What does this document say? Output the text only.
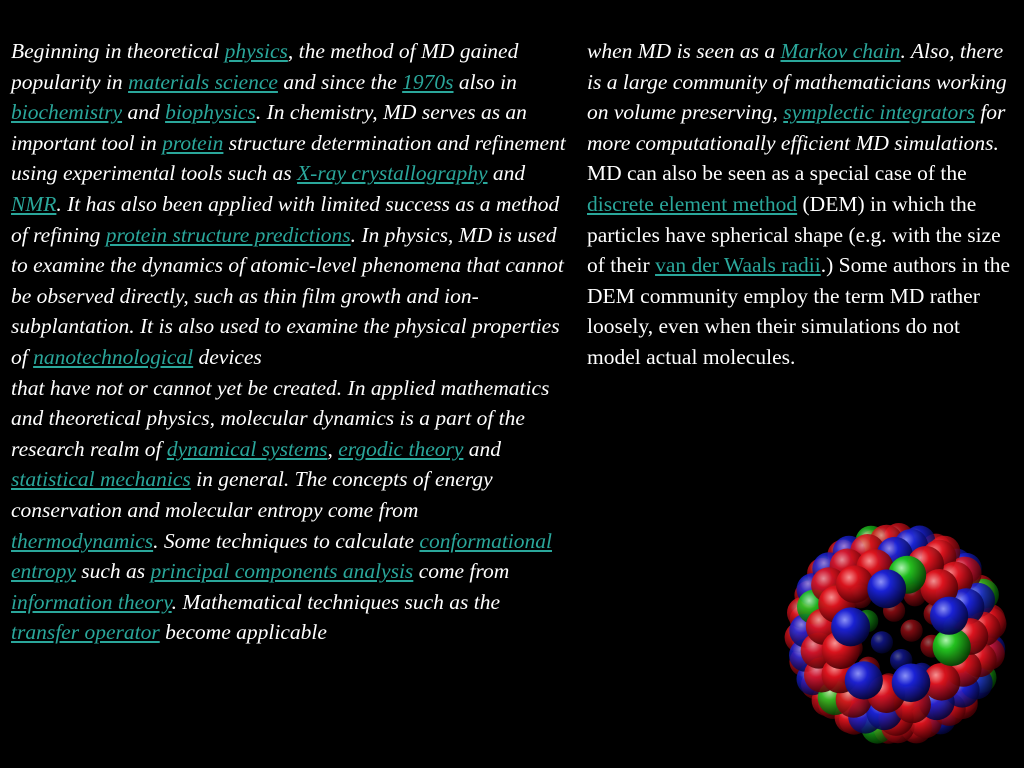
Beginning in theoretical physics, the method of MD gained popularity in materials science and since the 1970s also in biochemistry and biophysics. In chemistry, MD serves as an important tool in protein structure determination and refinement using experimental tools such as X-ray crystallography and NMR. It has also been applied with limited success as a method of refining protein structure predictions. In physics, MD is used to examine the dynamics of atomic-level phenomena that cannot be observed directly, such as thin film growth and ion-subplantation. It is also used to examine the physical properties of nanotechnological devices
that have not or cannot yet be created. In applied mathematics and theoretical physics, molecular dynamics is a part of the research realm of dynamical systems, ergodic theory and statistical mechanics in general. The concepts of energy conservation and molecular entropy come from thermodynamics. Some techniques to calculate conformational entropy such as principal components analysis come from information theory. Mathematical techniques such as the transfer operator become applicable
when MD is seen as a Markov chain. Also, there is a large community of mathematicians working on volume preserving, symplectic integrators for more computationally efficient MD simulations.
MD can also be seen as a special case of the discrete element method (DEM) in which the particles have spherical shape (e.g. with the size of their van der Waals radii.) Some authors in the DEM community employ the term MD rather loosely, even when their simulations do not model actual molecules.
